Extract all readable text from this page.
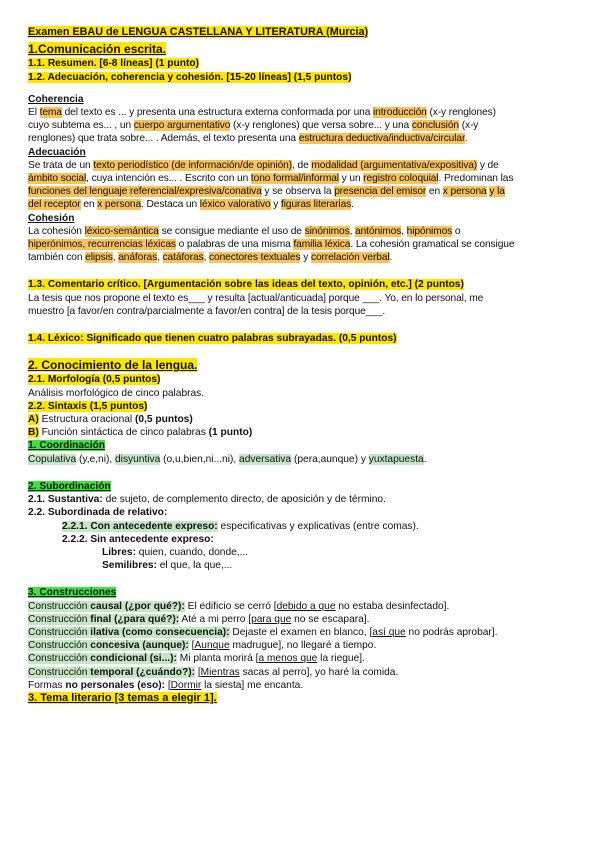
Examen EBAU de LENGUA CASTELLANA Y LITERATURA (Murcia)
1.Comunicación escrita.
1.1. Resumen. [6-8 líneas] (1 punto)
1.2. Adecuación, coherencia y cohesión. [15-20 líneas] (1,5 puntos)
Coherencia
El tema del texto es ... y presenta una estructura externa conformada por una introducción (x-y renglones)
cuyo subtema es... , un cuerpo argumentativo (x-y renglones) que versa sobre... y una conclusión (x-y
renglones) que trata sobre... . Además, el texto presenta una estructura deductiva/inductiva/circular.
Adecuación
Se trata de un texto periodístico (de información/de opinión), de modalidad (argumentativa/expositiva) y de
ámbito social, cuya intención es... . Escrito con un tono formal/informal y un registro coloquial. Predominan las
funciones del lenguaje referencial/expresiva/conativa y se observa la presencia del emisor en x persona y la
del receptor en x persona. Destaca un léxico valorativo y figuras literarias.
Cohesión
La cohesión léxico-semántica se consigue mediante el uso de sinónimos, antónimos, hipónimos o
hiperónimos, recurrencias léxicas o palabras de una misma familia léxica. La cohesión gramatical se consigue
también con elipsis, anáforas, catáforas, conectores textuales y correlación verbal.
1.3. Comentario crítico. [Argumentación sobre las ideas del texto, opinión, etc.] (2 puntos)
La tesis que nos propone el texto es___ y resulta [actual/anticuada] porque ___. Yo, en lo personal, me
muestro [a favor/en contra/parcialmente a favor/en contra] de la tesis porque___.
1.4. Léxico: Significado que tienen cuatro palabras subrayadas. (0,5 puntos)
2. Conocimiento de la lengua.
2.1. Morfología (0,5 puntos)
Análisis morfológico de cinco palabras.
2.2. Sintaxis (1,5 puntos)
A) Estructura oracional (0,5 puntos)
B) Función sintáctica de cinco palabras (1 punto)
1. Coordinación
Copulativa (y,e,ni), disyuntiva (o,u,bien,ni...ni), adversativa (pera,aunque) y yuxtapuesta.
2. Subordinación
2.1. Sustantiva: de sujeto, de complemento directo, de aposición y de término.
2.2. Subordinada de relativo:
2.2.1. Con antecedente expreso: especificativas y explicativas (entre comas).
2.2.2. Sin antecedente expreso:
Libres: quien, cuando, donde,...
Semilibres: el que, la que,...
3. Construcciones
Construcción causal (¿por qué?): El edificio se cerró [debido a que no estaba desinfectado].
Construcción final (¿para qué?): Até a mi perro [para que no se escapara].
Construcción ilativa (como consecuencia): Dejaste el examen en blanco, [así que no podrás aprobar].
Construcción concesiva (aunque): [Aunque madrugue], no llegaré a tiempo.
Construcción condicional (si...): Mi planta morirá [a menos que la riegue].
Construcción temporal (¿cuándo?): [Mientras sacas al perro], yo haré la comida.
Formas no personales (eso): [Dormir la siesta] me encanta.
3. Tema literario [3 temas a elegir 1].
